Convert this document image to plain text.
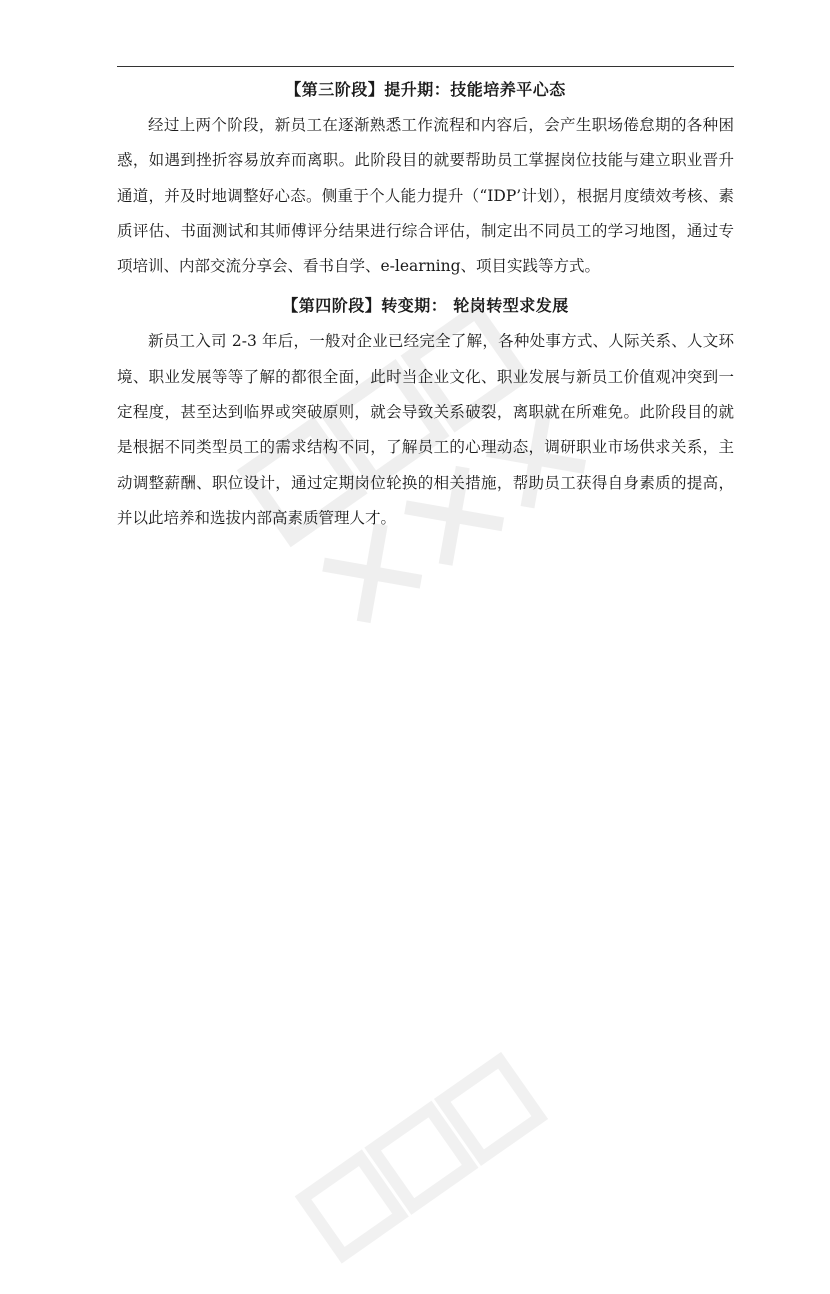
【第三阶段】提升期：技能培养平心态

经过上两个阶段，新员工在逐渐熟悉工作流程和内容后，会产生职场倦怠期的各种困惑，如遇到挫折容易放弃而离职。此阶段目的就要帮助员工掌握岗位技能与建立职业晋升通道，并及时地调整好心态。侧重于个人能力提升（“IDP’计划），根据月度绩效考核、素质评估、书面测试和其师傅评分结果进行综合评估，制定出不同员工的学习地图，通过专项培训、内部交流分享会、看书自学、e-learning、项目实践等方式。

【第四阶段】转变期： 轮岗转型求发展

新员工入司 2-3 年后，一般对企业已经完全了解，各种处事方式、人际关系、人文环境、职业发展等等了解的都很全面，此时当企业文化、职业发展与新员工价值观冲突到一定程度，甚至达到临界或突破原则，就会导致关系破裂，离职就在所难免。此阶段目的就是根据不同类型员工的需求结构不同，了解员工的心理动态，调研职业市场供求关系，主动调整薪酬、职位设计，通过定期岗位轮换的相关措施，帮助员工获得自身素质的提高，并以此培养和选拔内部高素质管理人才。
